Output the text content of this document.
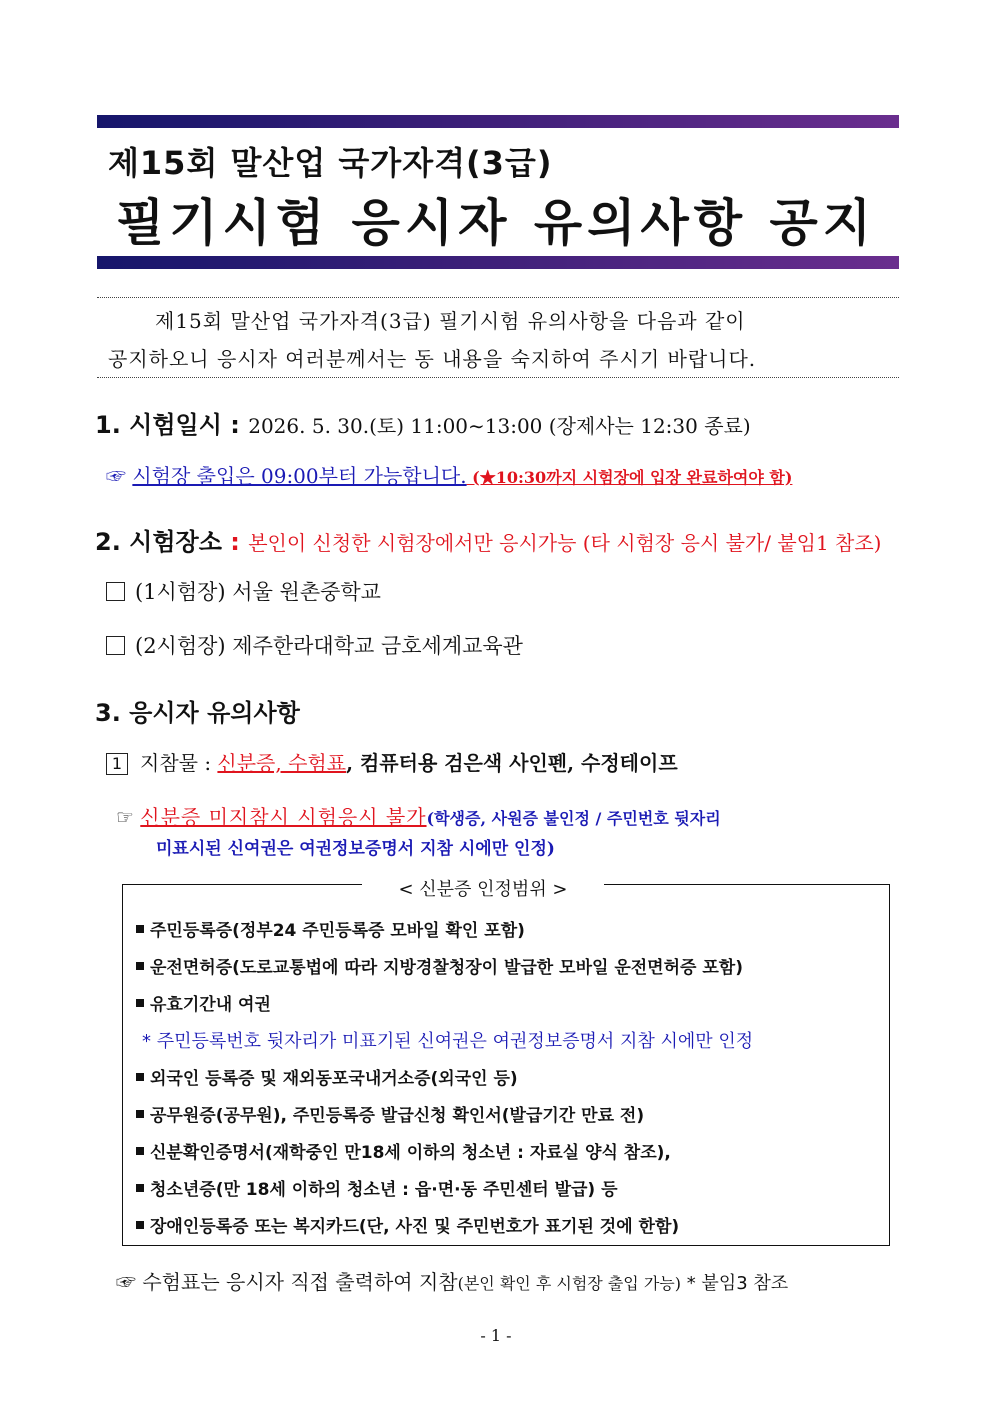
제15회 말산업 국가자격(3급)
필기시험 응시자 유의사항 공지
제15회 말산업 국가자격(3급) 필기시험 유의사항을 다음과 같이
공지하오니 응시자 여러분께서는 동 내용을 숙지하여 주시기 바랍니다.
1. 시험일시 : 2026. 5. 30.(토) 11:00∼13:00 (장제사는 12:30 종료)
☞ 시험장 출입은 09:00부터 가능합니다. (★10:30까지 시험장에 입장 완료하여야 함)
2. 시험장소 : 본인이 신청한 시험장에서만 응시가능 (타 시험장 응시 불가/ 붙임1 참조)
(1시험장) 서울 원촌중학교
(2시험장) 제주한라대학교 금호세계교육관
3. 응시자 유의사항
1 지참물 : 신분증, 수험표, 컴퓨터용 검은색 사인펜, 수정테이프
☞ 신분증 미지참시 시험응시 불가(학생증, 사원증 불인정 / 주민번호 뒷자리
미표시된 신여권은 여권정보증명서 지참 시에만 인정)
< 신분증 인정범위 >
주민등록증(정부24 주민등록증 모바일 확인 포함)
운전면허증(도로교통법에 따라 지방경찰청장이 발급한 모바일 운전면허증 포함)
유효기간내 여권
* 주민등록번호 뒷자리가 미표기된 신여권은 여권정보증명서 지참 시에만 인정
외국인 등록증 및 재외동포국내거소증(외국인 등)
공무원증(공무원), 주민등록증 발급신청 확인서(발급기간 만료 전)
신분확인증명서(재학중인 만18세 이하의 청소년 : 자료실 양식 참조),
청소년증(만 18세 이하의 청소년 : 읍·면·동 주민센터 발급) 등
장애인등록증 또는 복지카드(단, 사진 및 주민번호가 표기된 것에 한함)
☞ 수험표는 응시자 직접 출력하여 지참(본인 확인 후 시험장 출입 가능) * 붙임3 참조
- 1 -
